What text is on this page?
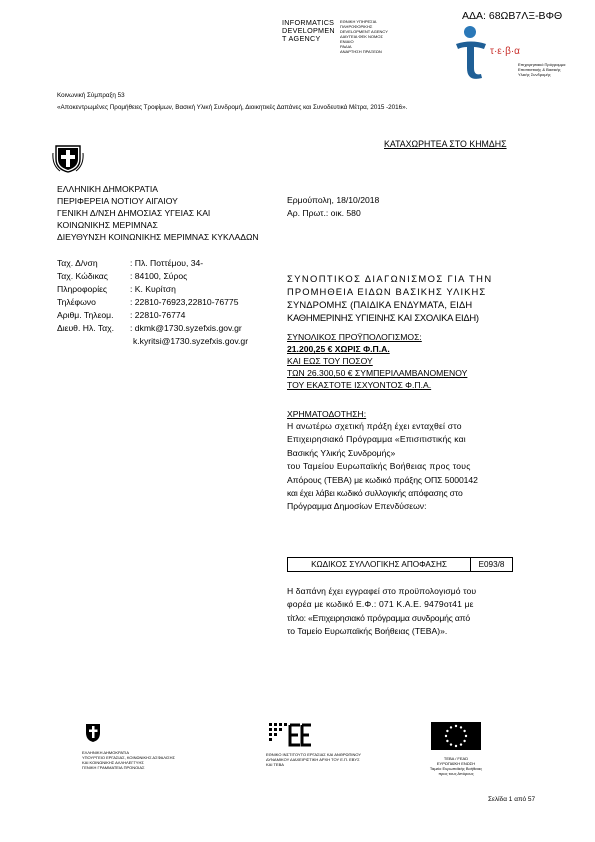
ΑΔΑ: 68ΩΒ7ΛΞ-ΒΦΘ
INFORMATICS
DEVELOPMEN
T AGENCY
ΕΘΝΙΚΗ ΥΠΗΡΕΣΙΑ
ΠΛΗΡΟΦΟΡΙΚΗΣ
DEVELOPMENT AGENCY
ΔΙΑΥΓΕΙΑ ΦΕΚ ΝΟΜΟΣ
ΕΝΙΑΙΟ
ΡΑΔΙΑ
ΑΝΑΡΤΗΣΗ ΠΡΑΞΕΩΝ	τ·ε·β·α
Επιχειρησιακό Πρόγραμμα
Επισιτιστικής & Βασικής
Υλικής Συνδρομής
Κοινωνική Σύμπραξη 53
«Αποκεντρωμένες Προμήθειες Τροφίμων, Βασική Υλική Συνδρομή, Διοικητικές Δαπάνες και Συνοδευτικά Μέτρα, 2015 -2016».
ΚΑΤΑΧΩΡΗΤΕΑ ΣΤΟ ΚΗΜΔΗΣ
ΕΛΛΗΝΙΚΗ ΔΗΜΟΚΡΑΤΙΑ
ΠΕΡΙΦΕΡΕΙΑ ΝΟΤΙΟΥ ΑΙΓΑΙΟΥ
ΓΕΝΙΚΗ Δ/ΝΣΗ ΔΗΜΟΣΙΑΣ ΥΓΕΙΑΣ ΚΑΙ
ΚΟΙΝΩΝΙΚΗΣ ΜΕΡΙΜΝΑΣ
ΔΙΕΥΘΥΝΣΗ ΚΟΙΝΩΝΙΚΗΣ ΜΕΡΙΜΝΑΣ ΚΥΚΛΑΔΩΝ
Ερμούπολη, 18/10/2018
Αρ. Πρωτ.: οικ. 580
Ταχ. Δ/νση	: Πλ. Ποττέμου, 34-
Ταχ. Κώδικας	: 84100, Σύρος
Πληροφορίες	: Κ. Κυρίτση
Τηλέφωνο	: 22810-76923,22810-76775
Αριθμ. Τηλεομ. : 22810-76774
Διευθ. Ηλ. Ταχ. : dkmk@1730.syzefxis.gov.gr
k.kyritsi@1730.syzefxis.gov.gr
ΣΥΝΟΠΤΙΚΟΣ ΔΙΑΓΩΝΙΣΜΟΣ ΓΙΑ ΤΗΝ
ΠΡΟΜΗΘΕΙΑ ΕΙΔΩΝ ΒΑΣΙΚΗΣ ΥΛΙΚΗΣ
ΣΥΝΔΡΟΜΗΣ (ΠΑΙΔΙΚΑ ΕΝΔΥΜΑΤΑ, ΕΙΔΗ
ΚΑΘΗΜΕΡΙΝΗΣ ΥΓΙΕΙΝΗΣ ΚΑΙ ΣΧΟΛΙΚΑ ΕΙΔΗ)
ΣΥΝΟΛΙΚΟΣ ΠΡΟΫΠΟΛΟΓΙΣΜΟΣ:
21.200,25 € ΧΩΡΙΣ Φ.Π.Α.
ΚΑΙ ΕΩΣ ΤΟΥ ΠΟΣΟΥ
ΤΩΝ 26.300,50 € ΣΥΜΠΕΡΙΛΑΜΒΑΝΟΜΕΝΟΥ
ΤΟΥ ΕΚΑΣΤΟΤΕ ΙΣΧΥΟΝΤΟΣ Φ.Π.Α.
ΧΡΗΜΑΤΟΔΟΤΗΣΗ:
Η ανωτέρω σχετική πράξη έχει ενταχθεί στο
Επιχειρησιακό Πρόγραμμα «Επισιτιστικής και
Βασικής Υλικής Συνδρομής»
του Ταμείου Ευρωπαϊκής Βοήθειας προς τους
Απόρους (ΤΕΒΑ) με κωδικό πράξης ΟΠΣ 5000142
και έχει λάβει κωδικό συλλογικής απόφασης στο
Πρόγραμμα Δημοσίων Επενδύσεων:
ΚΩΔΙΚΟΣ ΣΥΛΛΟΓΙΚΗΣ ΑΠΟΦΑΣΗΣ	Ε093/8
Η δαπάνη έχει εγγραφεί στο προϋπολογισμό του
φορέα με κωδικό Ε.Φ.: 071 Κ.Α.Ε. 9479οτ41 με
τίτλο: «Επιχειρησιακό πρόγραμμα συνδρομής από
το Ταμείο Ευρωπαϊκής Βοήθειας (ΤΕΒΑ)».
ΕΛΛΗΝΙΚΗ ΔΗΜΟΚΡΑΤΙΑ
ΥΠΟΥΡΓΕΙΟ ΕΡΓΑΣΙΑΣ, ΚΟΙΝΩΝΙΚΗΣ ΑΣΦΑΛΙΣΗΣ
ΚΑΙ ΚΟΙΝΩΝΙΚΗΣ ΑΛΛΗΛΕΓΓΥΗΣ
ΓΕΝΙΚΗ ΓΡΑΜΜΑΤΕΙΑ ΠΡΟΝΟΙΑΣ
ΕΘΝΙΚΟ ΙΝΣΤΙΤΟΥΤΟ ΕΡΓΑΣΙΑΣ ΚΑΙ ΑΝΘΡΩΠΙΝΟΥ
ΔΥΝΑΜΙΚΟΥ ΔΙΑΧΕΙΡΙΣΤΙΚΗ ΑΡΧΗ ΤΟΥ Ε.Π. ΕΒΥΣ
ΚΑΙ ΤΕΒΑ
ΤΕΒΑ / FEAD
ΕΥΡΩΠΑΪΚΗ ΕΝΩΣΗ
Ταμείο Ευρωπαϊκής Βοήθειας
προς τους Απόρους
Σελίδα 1 από 57
